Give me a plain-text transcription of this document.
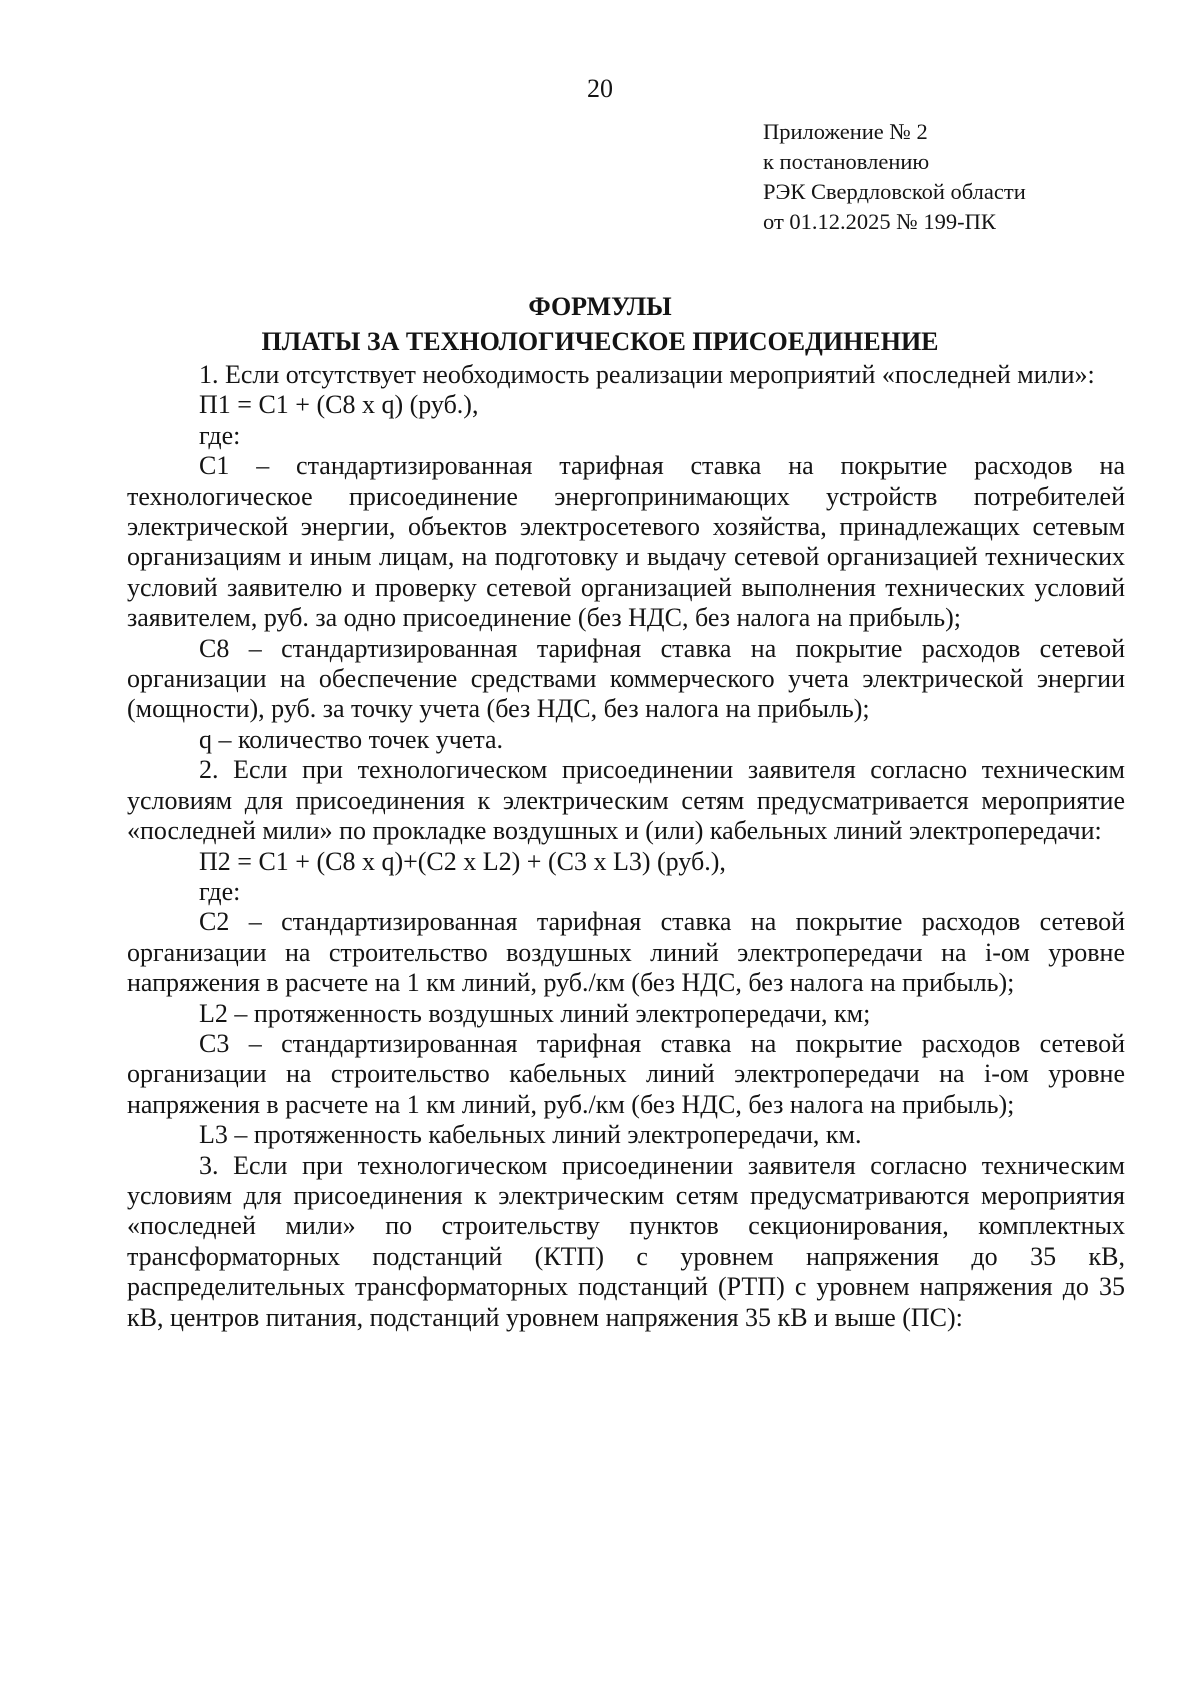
20
Приложение № 2
к постановлению
РЭК Свердловской области
от 01.12.2025 № 199-ПК
ФОРМУЛЫ
ПЛАТЫ ЗА ТЕХНОЛОГИЧЕСКОЕ ПРИСОЕДИНЕНИЕ

1. Если отсутствует необходимость реализации мероприятий «последней мили»:

П1 = С1 + (С8 x q) (руб.),

где:

С1 – стандартизированная тарифная ставка на покрытие расходов на технологическое присоединение энергопринимающих устройств потребителей электрической энергии, объектов электросетевого хозяйства, принадлежащих сетевым организациям и иным лицам, на подготовку и выдачу сетевой организацией технических условий заявителю и проверку сетевой организацией выполнения технических условий заявителем, руб. за одно присоединение (без НДС, без налога на прибыль);

С8 – стандартизированная тарифная ставка на покрытие расходов сетевой организации на обеспечение средствами коммерческого учета электрической энергии (мощности), руб. за точку учета (без НДС, без налога на прибыль);

q – количество точек учета.

2. Если при технологическом присоединении заявителя согласно техническим условиям для присоединения к электрическим сетям предусматривается мероприятие «последней мили» по прокладке воздушных и (или) кабельных линий электропередачи:

П2 = С1 + (С8 x q)+(С2 x L2) + (С3 x L3) (руб.),

где:

С2 – стандартизированная тарифная ставка на покрытие расходов сетевой организации на строительство воздушных линий электропередачи на i-ом уровне напряжения в расчете на 1 км линий, руб./км (без НДС, без налога на прибыль);

L2 – протяженность воздушных линий электропередачи, км;

С3 – стандартизированная тарифная ставка на покрытие расходов сетевой организации на строительство кабельных линий электропередачи на i-ом уровне напряжения в расчете на 1 км линий, руб./км (без НДС, без налога на прибыль);

L3 – протяженность кабельных линий электропередачи, км.

3. Если при технологическом присоединении заявителя согласно техническим условиям для присоединения к электрическим сетям предусматриваются мероприятия «последней мили» по строительству пунктов секционирования, комплектных трансформаторных подстанций (КТП) с уровнем напряжения до 35 кВ, распределительных трансформаторных подстанций (РТП) с уровнем напряжения до 35 кВ, центров питания, подстанций уровнем напряжения 35 кВ и выше (ПС):
